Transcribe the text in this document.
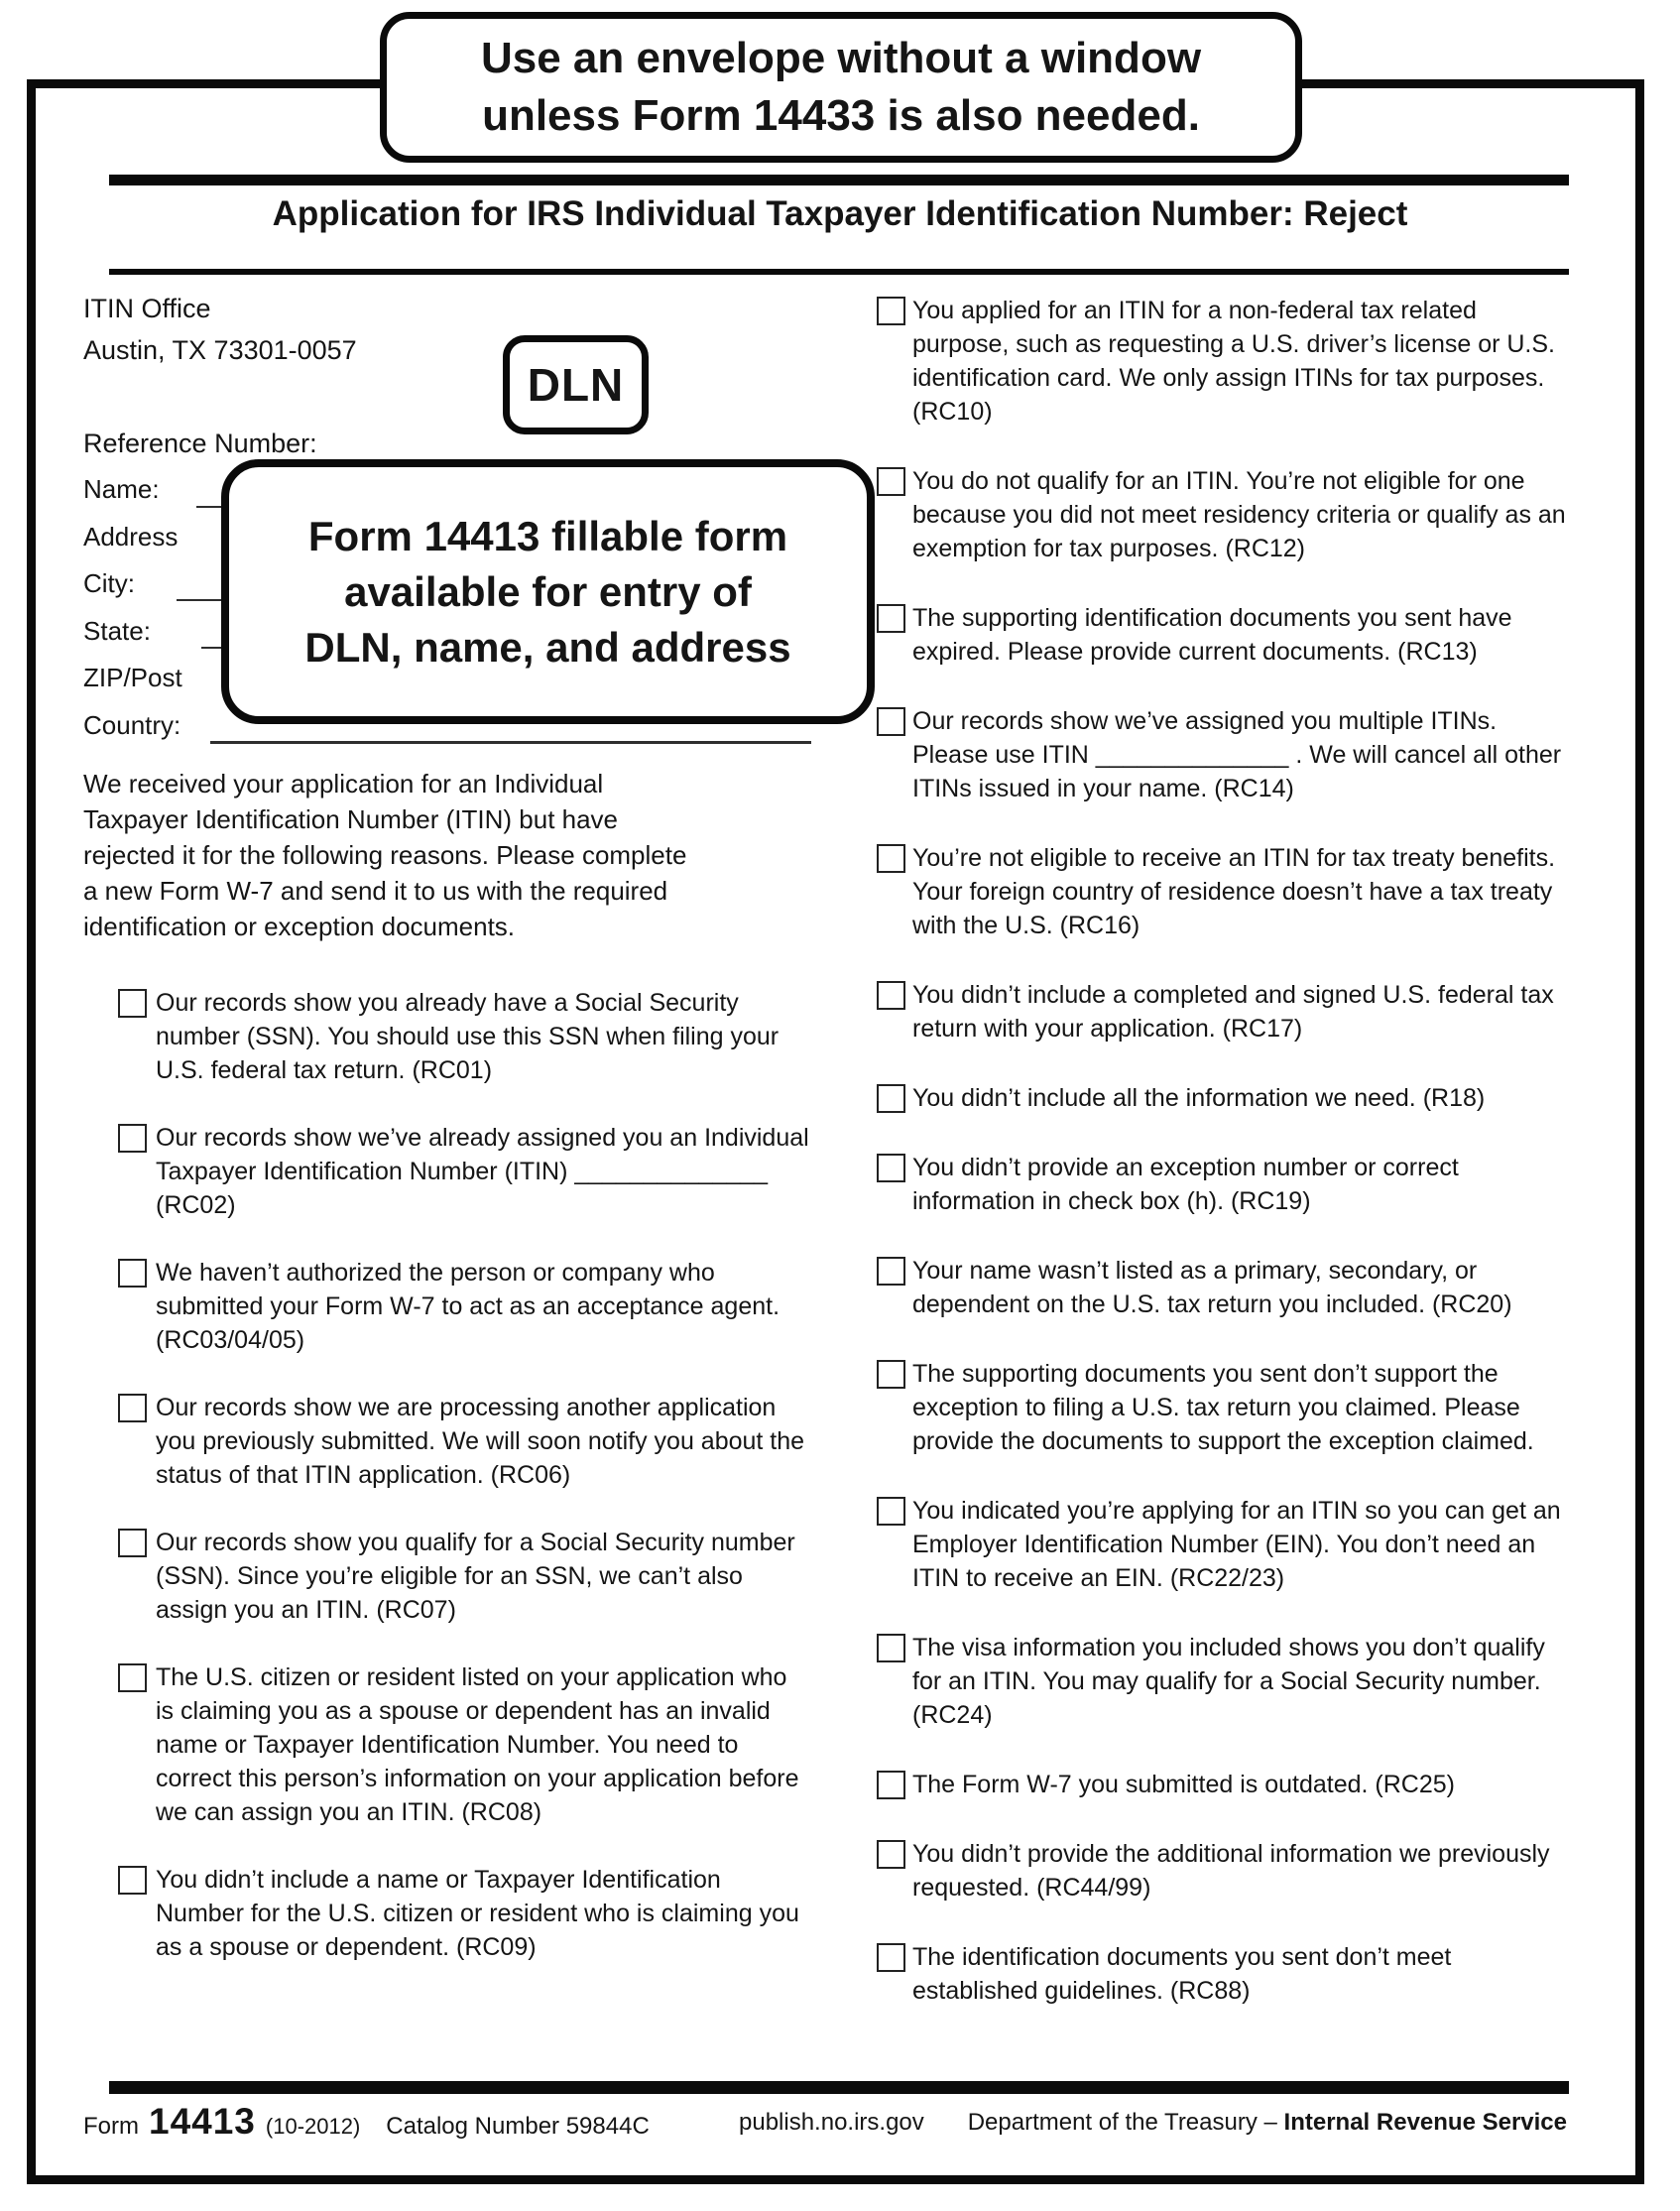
Use an envelope without a window
unless Form 14433 is also needed.
Application for IRS Individual Taxpayer Identification Number: Reject
ITIN Office
Austin, TX 73301-0057
DLN
Reference Number:
Name:
Address
City:
State:
ZIP/Post
Country:
Form 14413 fillable form
available for entry of
DLN, name, and address

We received your application for an Individual Taxpayer Identification Number (ITIN) but have rejected it for the following reasons. Please complete a new Form W-7 and send it to us with the required identification or exception documents.

Our records show you already have a Social Security number (SSN). You should use this SSN when filing your U.S. federal tax return. (RC01)
Our records show we’ve already assigned you an Individual Taxpayer Identification Number (ITIN) ______________ (RC02)
We haven’t authorized the person or company who submitted your Form W-7 to act as an acceptance agent. (RC03/04/05)
Our records show we are processing another application you previously submitted. We will soon notify you about the status of that ITIN application. (RC06)
Our records show you qualify for a Social Security number (SSN). Since you’re eligible for an SSN, we can’t also assign you an ITIN. (RC07)
The U.S. citizen or resident listed on your application who is claiming you as a spouse or dependent has an invalid name or Taxpayer Identification Number. You need to correct this person’s information on your application before we can assign you an ITIN. (RC08)
You didn’t include a name or Taxpayer Identification Number for the U.S. citizen or resident who is claiming you as a spouse or dependent. (RC09)
You applied for an ITIN for a non-federal tax related purpose, such as requesting a U.S. driver’s license or U.S. identification card. We only assign ITINs for tax purposes. (RC10)
You do not qualify for an ITIN. You’re not eligible for one because you did not meet residency criteria or qualify as an exemption for tax purposes. (RC12)
The supporting identification documents you sent have expired. Please provide current documents. (RC13)
Our records show we’ve assigned you multiple ITINs. Please use ITIN ______________ . We will cancel all other ITINs issued in your name. (RC14)
You’re not eligible to receive an ITIN for tax treaty benefits. Your foreign country of residence doesn’t have a tax treaty with the U.S. (RC16)
You didn’t include a completed and signed U.S. federal tax return with your application. (RC17)
You didn’t include all the information we need. (R18)
You didn’t provide an exception number or correct information in check box (h). (RC19)
Your name wasn’t listed as a primary, secondary, or dependent on the U.S. tax return you included. (RC20)
The supporting documents you sent don’t support the exception to filing a U.S. tax return you claimed. Please provide the documents to support the exception claimed.
You indicated you’re applying for an ITIN so you can get an Employer Identification Number (EIN). You don’t need an ITIN to receive an EIN. (RC22/23)
The visa information you included shows you don’t qualify for an ITIN. You may qualify for a Social Security number. (RC24)
The Form W-7 you submitted is outdated. (RC25)
You didn’t provide the additional information we previously requested. (RC44/99)
The identification documents you sent don’t meet established guidelines. (RC88)
Form 14413 (10-2012) Catalog Number 59844C	publish.no.irs.gov Department of the Treasury – Internal Revenue Service
